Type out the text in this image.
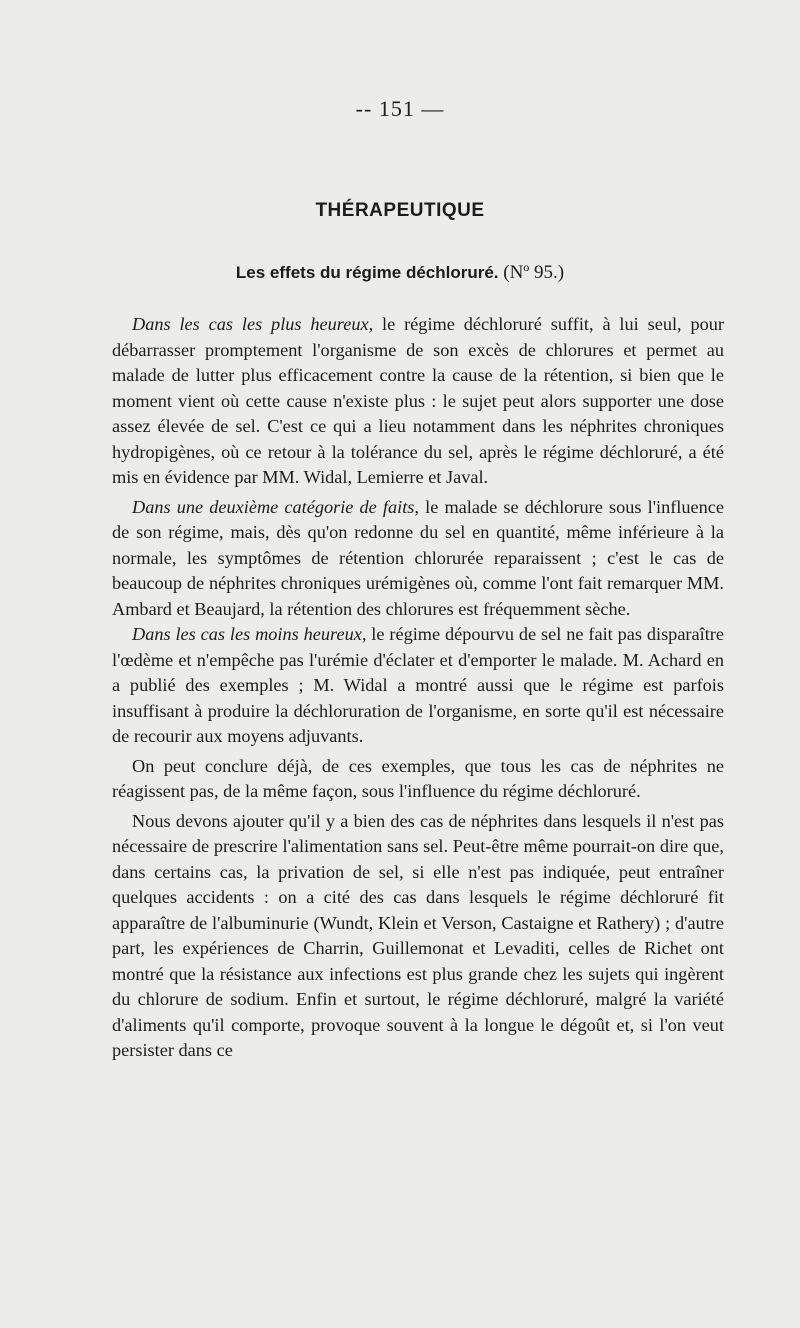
-- 151 —
THÉRAPEUTIQUE
Les effets du régime déchloruré. (Nº 95.)

Dans les cas les plus heureux, le régime déchloruré suffit, à lui seul, pour débarrasser promptement l'organisme de son excès de chlorures et permet au malade de lutter plus efficacement contre la cause de la rétention, si bien que le moment vient où cette cause n'existe plus : le sujet peut alors supporter une dose assez élevée de sel. C'est ce qui a lieu notamment dans les néphrites chroniques hydropigènes, où ce retour à la tolérance du sel, après le régime déchloruré, a été mis en évidence par MM. Widal, Lemierre et Javal.

Dans une deuxième catégorie de faits, le malade se déchlorure sous l'influence de son régime, mais, dès qu'on redonne du sel en quantité, même inférieure à la normale, les symptômes de rétention chlorurée reparaissent ; c'est le cas de beaucoup de néphrites chroniques urémigènes où, comme l'ont fait remarquer MM. Ambard et Beaujard, la rétention des chlorures est fréquemment sèche.

Dans les cas les moins heureux, le régime dépourvu de sel ne fait pas disparaître l'œdème et n'empêche pas l'urémie d'éclater et d'emporter le malade. M. Achard en a publié des exemples ; M. Widal a montré aussi que le régime est parfois insuffisant à produire la déchloruration de l'organisme, en sorte qu'il est nécessaire de recourir aux moyens adjuvants.

On peut conclure déjà, de ces exemples, que tous les cas de néphrites ne réagissent pas, de la même façon, sous l'influence du régime déchloruré.

Nous devons ajouter qu'il y a bien des cas de néphrites dans lesquels il n'est pas nécessaire de prescrire l'alimentation sans sel. Peut-être même pourrait-on dire que, dans certains cas, la privation de sel, si elle n'est pas indiquée, peut entraîner quelques accidents : on a cité des cas dans lesquels le régime déchloruré fit apparaître de l'albuminurie (Wundt, Klein et Verson, Castaigne et Rathery) ; d'autre part, les expériences de Charrin, Guillemonat et Levaditi, celles de Richet ont montré que la résistance aux infections est plus grande chez les sujets qui ingèrent du chlorure de sodium. Enfin et surtout, le régime déchloruré, malgré la variété d'aliments qu'il comporte, provoque souvent à la longue le dégoût et, si l'on veut persister dans ce
